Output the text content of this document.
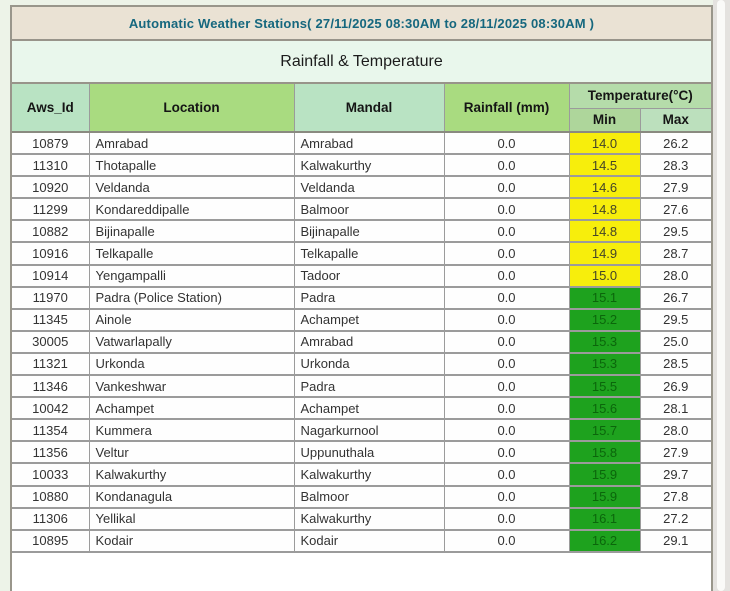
Automatic Weather Stations( 27/11/2025 08:30AM to 28/11/2025 08:30AM )
Rainfall & Temperature
Aws_Id	Location	Mandal	Rainfall (mm)	Temperature(°C)	
				Min	Max
10879	Amrabad	Amrabad	0.0	14.0	26.2
11310	Thotapalle	Kalwakurthy	0.0	14.5	28.3
10920	Veldanda	Veldanda	0.0	14.6	27.9
11299	Kondareddipalle	Balmoor	0.0	14.8	27.6
10882	Bijinapalle	Bijinapalle	0.0	14.8	29.5
10916	Telkapalle	Telkapalle	0.0	14.9	28.7
10914	Yengampalli	Tadoor	0.0	15.0	28.0
11970	Padra (Police Station)	Padra	0.0	15.1	26.7
11345	Ainole	Achampet	0.0	15.2	29.5
30005	Vatwarlapally	Amrabad	0.0	15.3	25.0
11321	Urkonda	Urkonda	0.0	15.3	28.5
11346	Vankeshwar	Padra	0.0	15.5	26.9
10042	Achampet	Achampet	0.0	15.6	28.1
11354	Kummera	Nagarkurnool	0.0	15.7	28.0
11356	Veltur	Uppunuthala	0.0	15.8	27.9
10033	Kalwakurthy	Kalwakurthy	0.0	15.9	29.7
10880	Kondanagula	Balmoor	0.0	15.9	27.8
11306	Yellikal	Kalwakurthy	0.0	16.1	27.2
10895	Kodair	Kodair	0.0	16.2	29.1
